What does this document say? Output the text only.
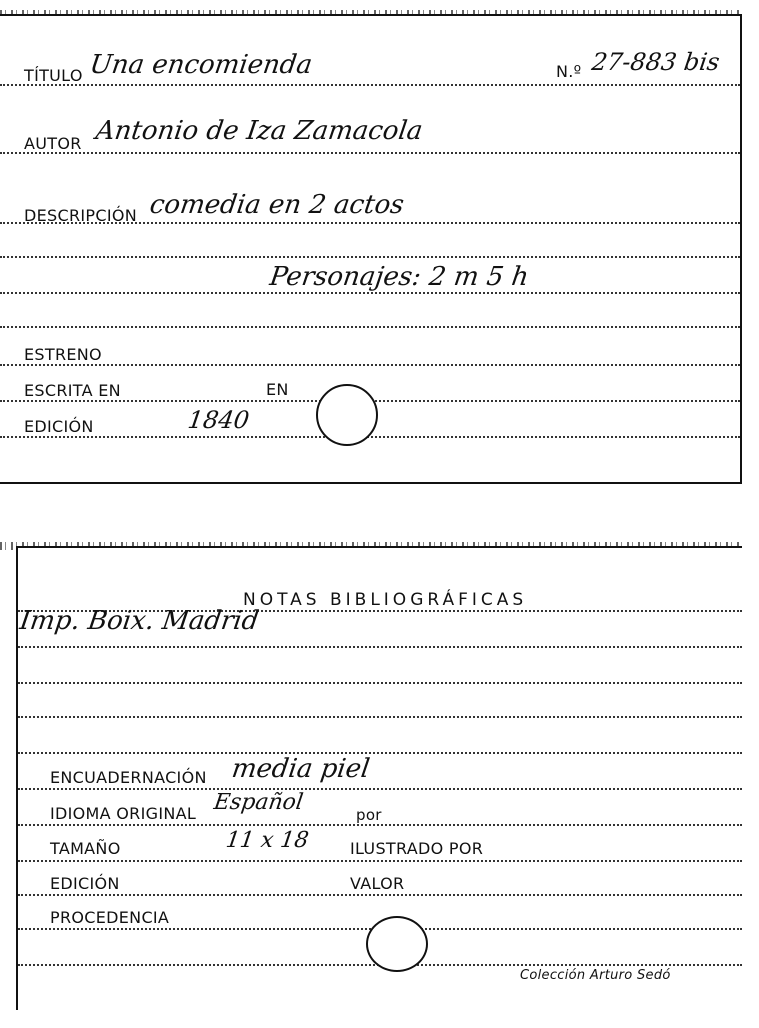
TÍTULO Una encomienda	N.º 27-883 bis
AUTOR Antonio de Iza Zamacola
DESCRIPCIÓN comedia en 2 actos
Personajes: 2 m 5 h
ESTRENO
ESCRITA EN	EN
EDICIÓN	1840
NOTAS BIBLIOGRÁFICAS
Imp. Boix. Madrid
ENCUADERNACIÓN media piel
IDIOMA ORIGINAL Español	por
TAMAÑO	11 x 18 ILUSTRADO POR
EDICIÓN	VALOR
PROCEDENCIA
Colección Arturo Sedó
